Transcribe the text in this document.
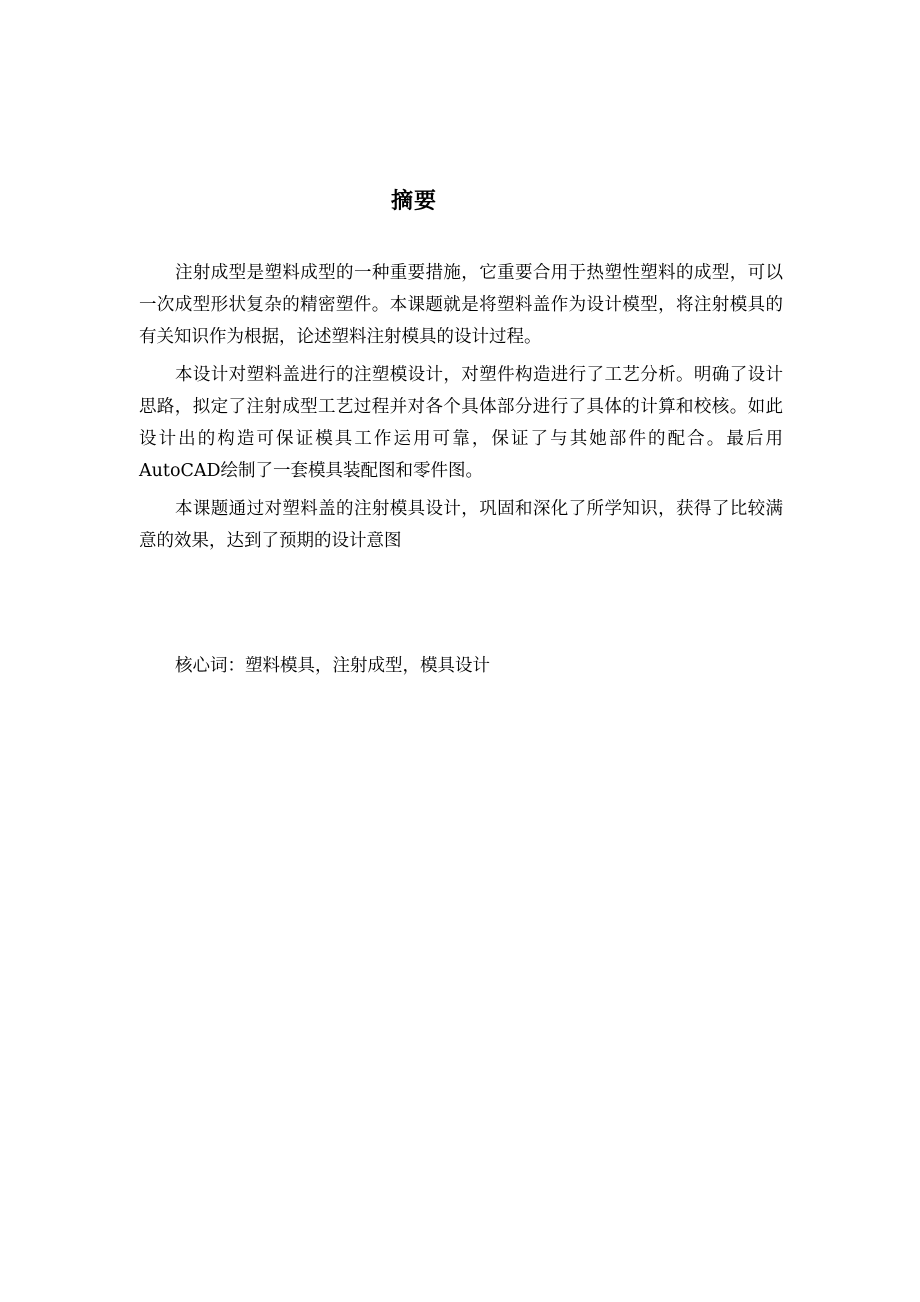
摘要

注射成型是塑料成型的一种重要措施，它重要合用于热塑性塑料的成型，可以一次成型形状复杂的精密塑件。本课题就是将塑料盖作为设计模型，将注射模具的有关知识作为根据，论述塑料注射模具的设计过程。

本设计对塑料盖进行的注塑模设计，对塑件构造进行了工艺分析。明确了设计思路，拟定了注射成型工艺过程并对各个具体部分进行了具体的计算和校核。如此设计出的构造可保证模具工作运用可靠，保证了与其她部件的配合。最后用AutoCAD绘制了一套模具装配图和零件图。

本课题通过对塑料盖的注射模具设计，巩固和深化了所学知识，获得了比较满意的效果，达到了预期的设计意图

核心词：塑料模具，注射成型，模具设计
